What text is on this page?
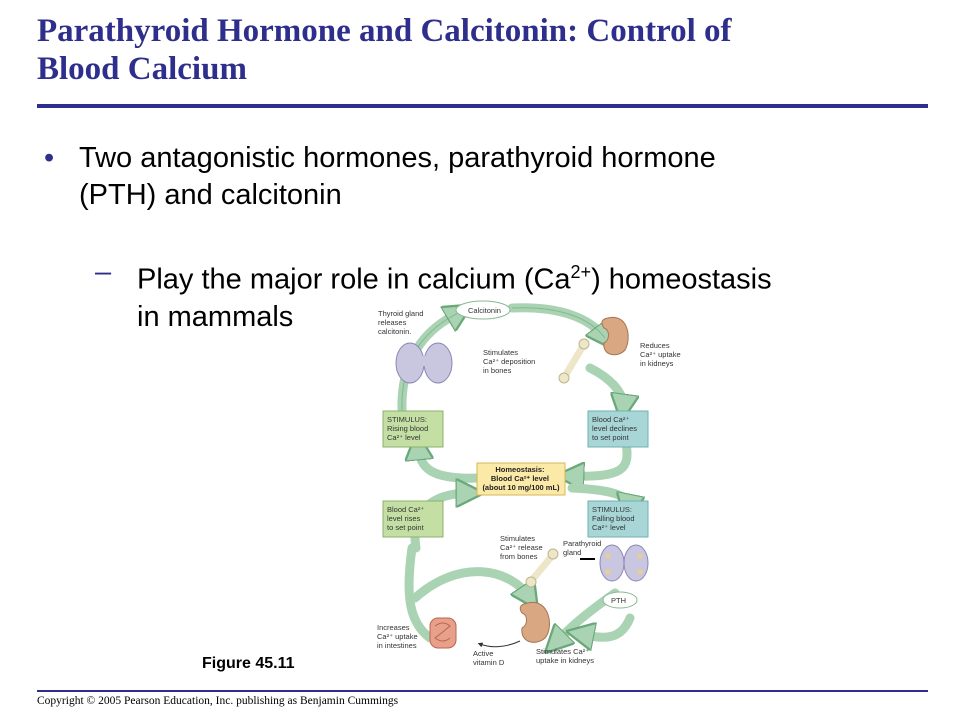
Parathyroid Hormone and Calcitonin: Control of
Blood Calcium
• Two antagonistic hormones, parathyroid hormone
(PTH) and calcitonin
– Play the major role in calcium $(Ca^{2+})$ homeostasis
in mammals	Thyroid gland releases calcitonin.
Calcitonin
Reduces Ca²⁺ uptake in kidneys
Stimulates Ca²⁺ deposition in bones
STIMULUS: Rising blood Ca²⁺ level
Blood Ca²⁺ level declines to set point
Homeostasis: Blood Ca²⁺ level (about 10 mg/100 mL)
Blood Ca²⁺ level rises to set point
STIMULUS: Falling blood Ca²⁺ level
Stimulates Ca²⁺ release from bones
Parathyroid gland
PTH
Increases Ca²⁺ uptake in intestines
Active vitamin D
Stimulates Ca²⁺ uptake in kidneys
Figure 45.11
Copyright © 2005 Pearson Education, Inc. publishing as Benjamin Cummings
